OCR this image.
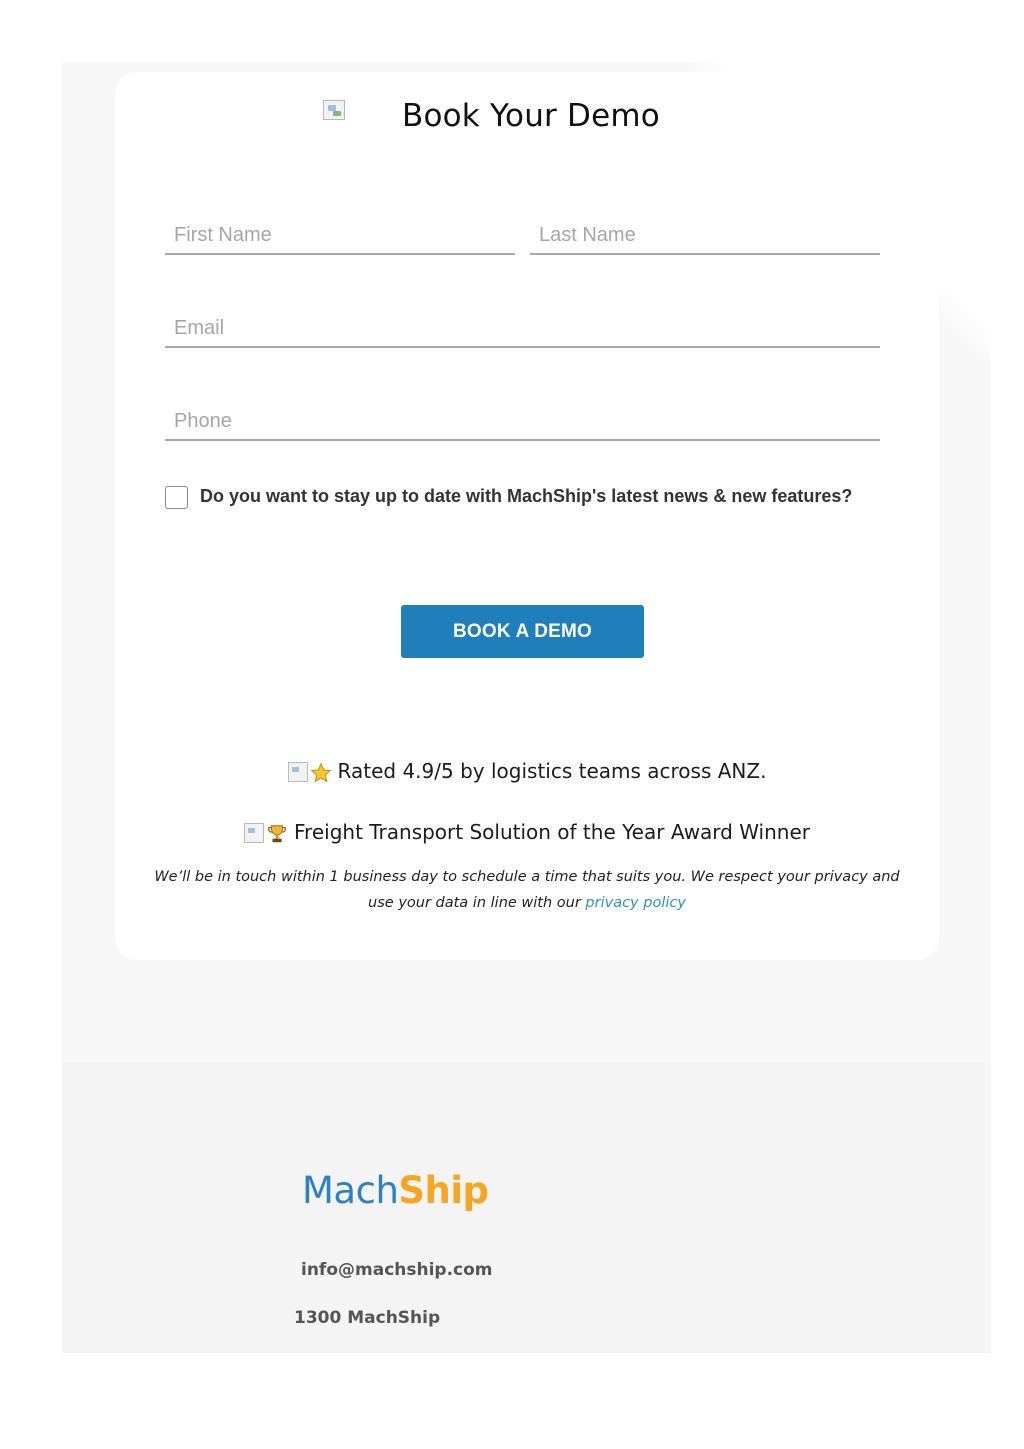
MachShip
info@machship.com
1300 MachShip
Book Your Demo
First Name
Last Name
Email
Phone
Do you want to stay up to date with MachShip's latest news & new features?
BOOK A DEMO
Rated 4.9/5 by logistics teams across ANZ.
Freight Transport Solution of the Year Award Winner

We’ll be in touch within 1 business day to schedule a time that suits you. We respect your privacy and use your data in line with our privacy policy
